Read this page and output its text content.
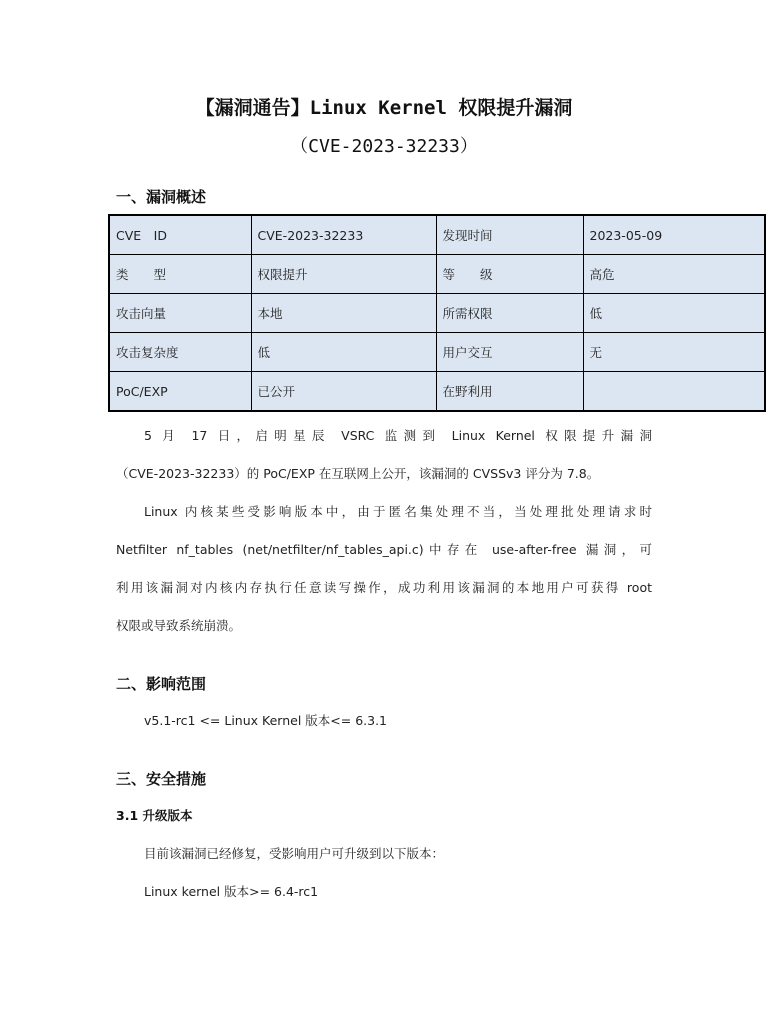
【漏洞通告】Linux Kernel 权限提升漏洞
（CVE-2023-32233）
一、漏洞概述
CVE　ID	CVE-2023-32233	发现时间	2023-05-09
类　　型	权限提升	等　　级	高危
攻击向量	本地	所需权限	低
攻击复杂度	低	用户交互	无
PoC/EXP	已公开	在野利用	

5 月 17 日，启明星辰 VSRC 监测到 Linux Kernel 权限提升漏洞

（CVE-2023-32233）的 PoC/EXP 在互联网上公开，该漏洞的 CVSSv3 评分为 7.8。

Linux 内核某些受影响版本中，由于匿名集处理不当，当处理批处理请求时

Netfilter nf_tables (net/netfilter/nf_tables_api.c)中存在 use-after-free 漏洞，可

利用该漏洞对内核内存执行任意读写操作，成功利用该漏洞的本地用户可获得 root

权限或导致系统崩溃。

二、影响范围

v5.1-rc1 <= Linux Kernel 版本<= 6.3.1

三、安全措施
3.1 升级版本

目前该漏洞已经修复，受影响用户可升级到以下版本：

Linux kernel 版本>= 6.4-rc1
